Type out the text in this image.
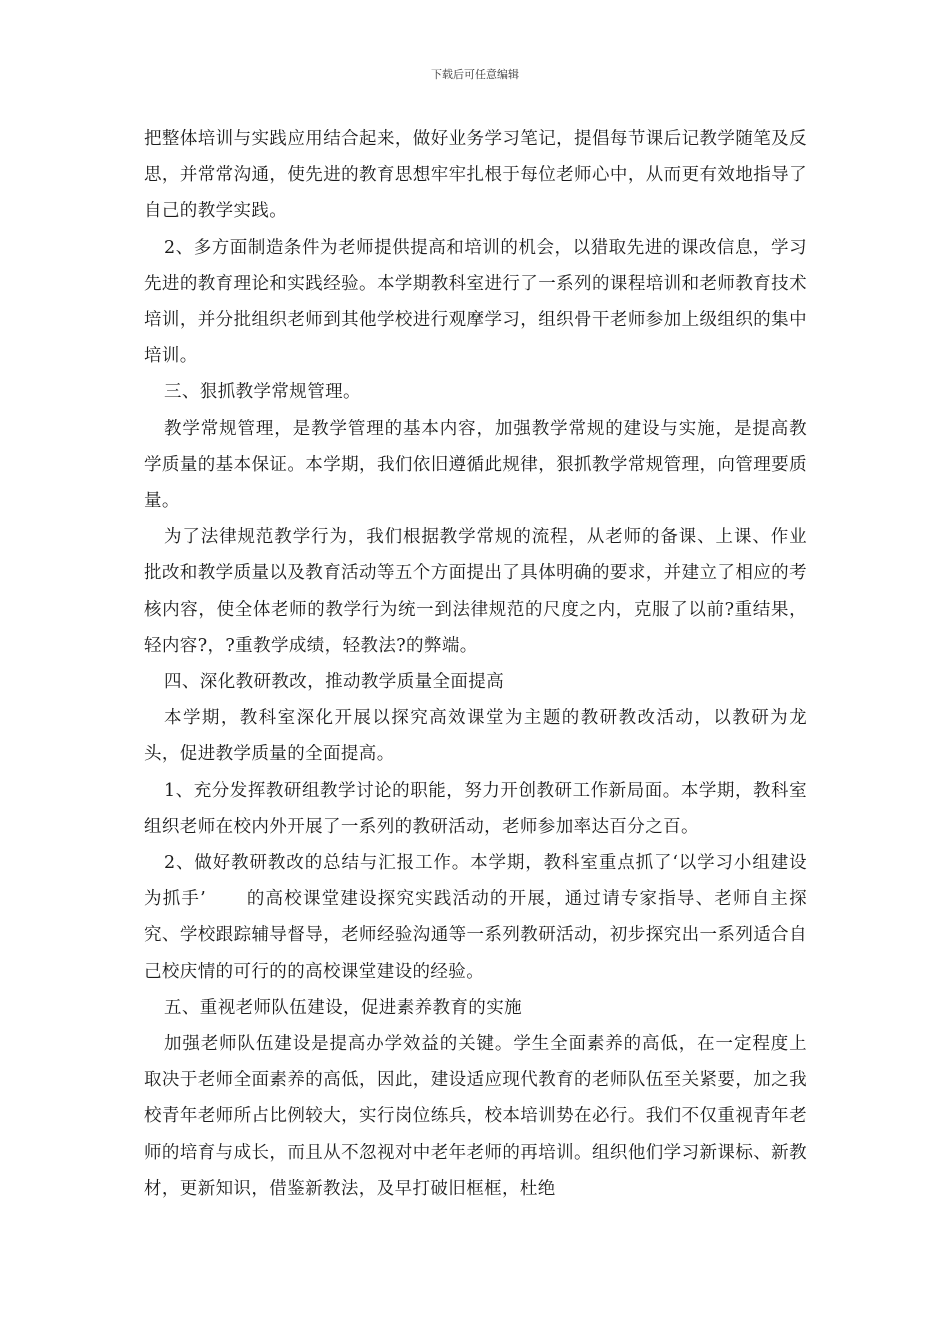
下载后可任意编辑

把整体培训与实践应用结合起来，做好业务学习笔记，提倡每节课后记教学随笔及反思，并常常沟通，使先进的教育思想牢牢扎根于每位老师心中，从而更有效地指导了自己的教学实践。

2、多方面制造条件为老师提供提高和培训的机会，以猎取先进的课改信息，学习先进的教育理论和实践经验。本学期教科室进行了一系列的课程培训和老师教育技术培训，并分批组织老师到其他学校进行观摩学习，组织骨干老师参加上级组织的集中培训。

三、狠抓教学常规管理。

教学常规管理，是教学管理的基本内容，加强教学常规的建设与实施，是提高教学质量的基本保证。本学期，我们依旧遵循此规律，狠抓教学常规管理，向管理要质量。

为了法律规范教学行为，我们根据教学常规的流程，从老师的备课、上课、作业批改和教学质量以及教育活动等五个方面提出了具体明确的要求，并建立了相应的考核内容，使全体老师的教学行为统一到法律规范的尺度之内，克服了以前?重结果，轻内容?，?重教学成绩，轻教法?的弊端。

四、深化教研教改，推动教学质量全面提高

本学期，教科室深化开展以探究高效课堂为主题的教研教改活动，以教研为龙头，促进教学质量的全面提高。

1、充分发挥教研组教学讨论的职能，努力开创教研工作新局面。本学期，教科室组织老师在校内外开展了一系列的教研活动，老师参加率达百分之百。

2、做好教研教改的总结与汇报工作。本学期，教科室重点抓了‘以学习小组建设为抓手’ 的高校课堂建设探究实践活动的开展，通过请专家指导、老师自主探究、学校跟踪辅导督导，老师经验沟通等一系列教研活动，初步探究出一系列适合自己校庆情的可行的的高校课堂建设的经验。

五、重视老师队伍建设，促进素养教育的实施

加强老师队伍建设是提高办学效益的关键。学生全面素养的高低，在一定程度上取决于老师全面素养的高低，因此，建设适应现代教育的老师队伍至关紧要，加之我校青年老师所占比例较大，实行岗位练兵，校本培训势在必行。我们不仅重视青年老师的培育与成长，而且从不忽视对中老年老师的再培训。组织他们学习新课标、新教材，更新知识，借鉴新教法，及早打破旧框框，杜绝
